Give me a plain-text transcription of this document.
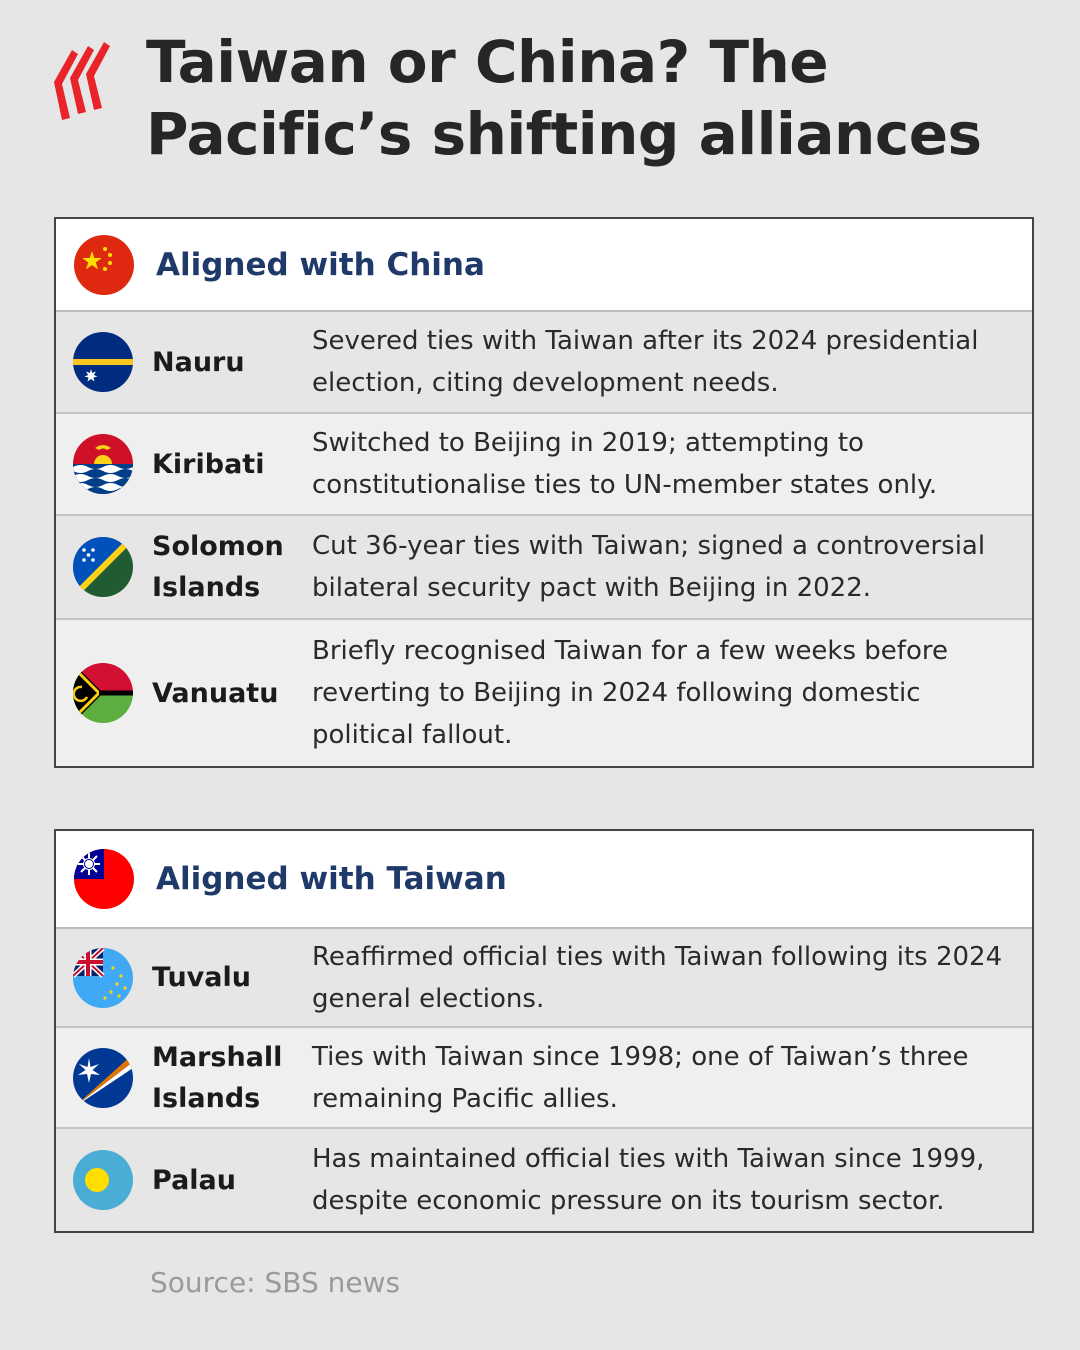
Taiwan or China? The
Pacific’s shifting alliances
Aligned with China
Nauru
Severed ties with Taiwan after its 2024 presidential election, citing development needs.
Kiribati
Switched to Beijing in 2019; attempting to constitutionalise ties to UN-member states only.
Solomon Islands
Cut 36-year ties with Taiwan; signed a controversial bilateral security pact with Beijing in 2022.
Vanuatu
Briefly recognised Taiwan for a few weeks before reverting to Beijing in 2024 following domestic political fallout.
Aligned with Taiwan
Tuvalu
Reaffirmed official ties with Taiwan following its 2024 general elections.
Marshall Islands
Ties with Taiwan since 1998; one of Taiwan’s three remaining Pacific allies.
Palau
Has maintained official ties with Taiwan since 1999, despite economic pressure on its tourism sector.
Source: SBS news
